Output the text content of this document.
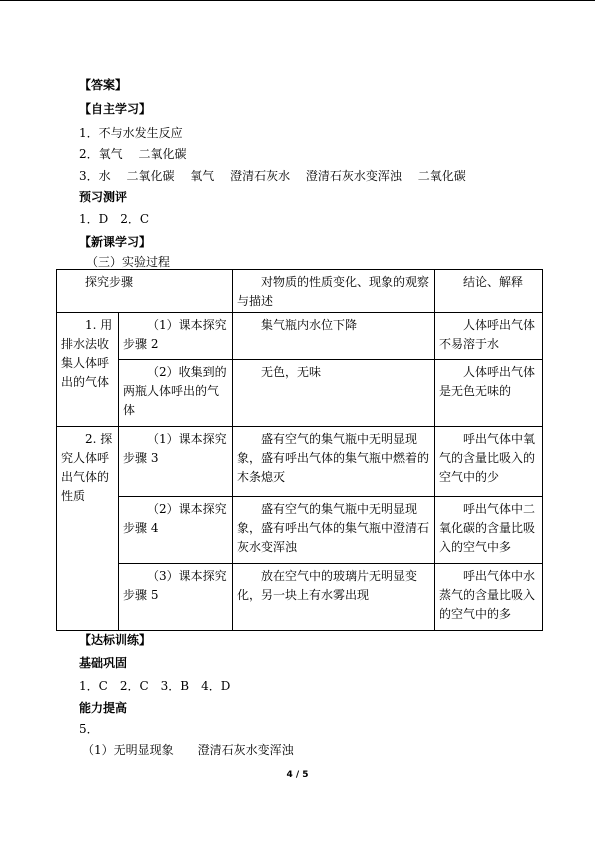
【答案】
【自主学习】
1．不与水发生反应
2．氧气　 二氧化碳
3．水　 二氧化碳　 氧气　 澄清石灰水　 澄清石灰水变浑浊　 二氧化碳
预习测评
1．D　2．C
【新课学习】
（三）实验过程
探究步骤		对物质的性质变化、现象的观察与描述	结论、解释
1. 用排水法收集人体呼出的气体	（1）课本探究步骤 2	集气瓶内水位下降	人体呼出气体不易溶于水
	（2）收集到的两瓶人体呼出的气体	无色，无味	人体呼出气体是无色无味的
2. 探究人体呼出气体的性质	（1）课本探究步骤 3	盛有空气的集气瓶中无明显现象，盛有呼出气体的集气瓶中燃着的木条熄灭	呼出气体中氧气的含量比吸入的空气中的少
	（2）课本探究步骤 4	盛有空气的集气瓶中无明显现象，盛有呼出气体的集气瓶中澄清石灰水变浑浊	呼出气体中二氧化碳的含量比吸入的空气中多
	（3）课本探究步骤 5	放在空气中的玻璃片无明显变化，另一块上有水雾出现	呼出气体中水蒸气的含量比吸入的空气中的多
【达标训练】
基础巩固
1．C　2．C　3．B　4．D
能力提高
5．
（1）无明显现象　　澄清石灰水变浑浊
4 / 5
